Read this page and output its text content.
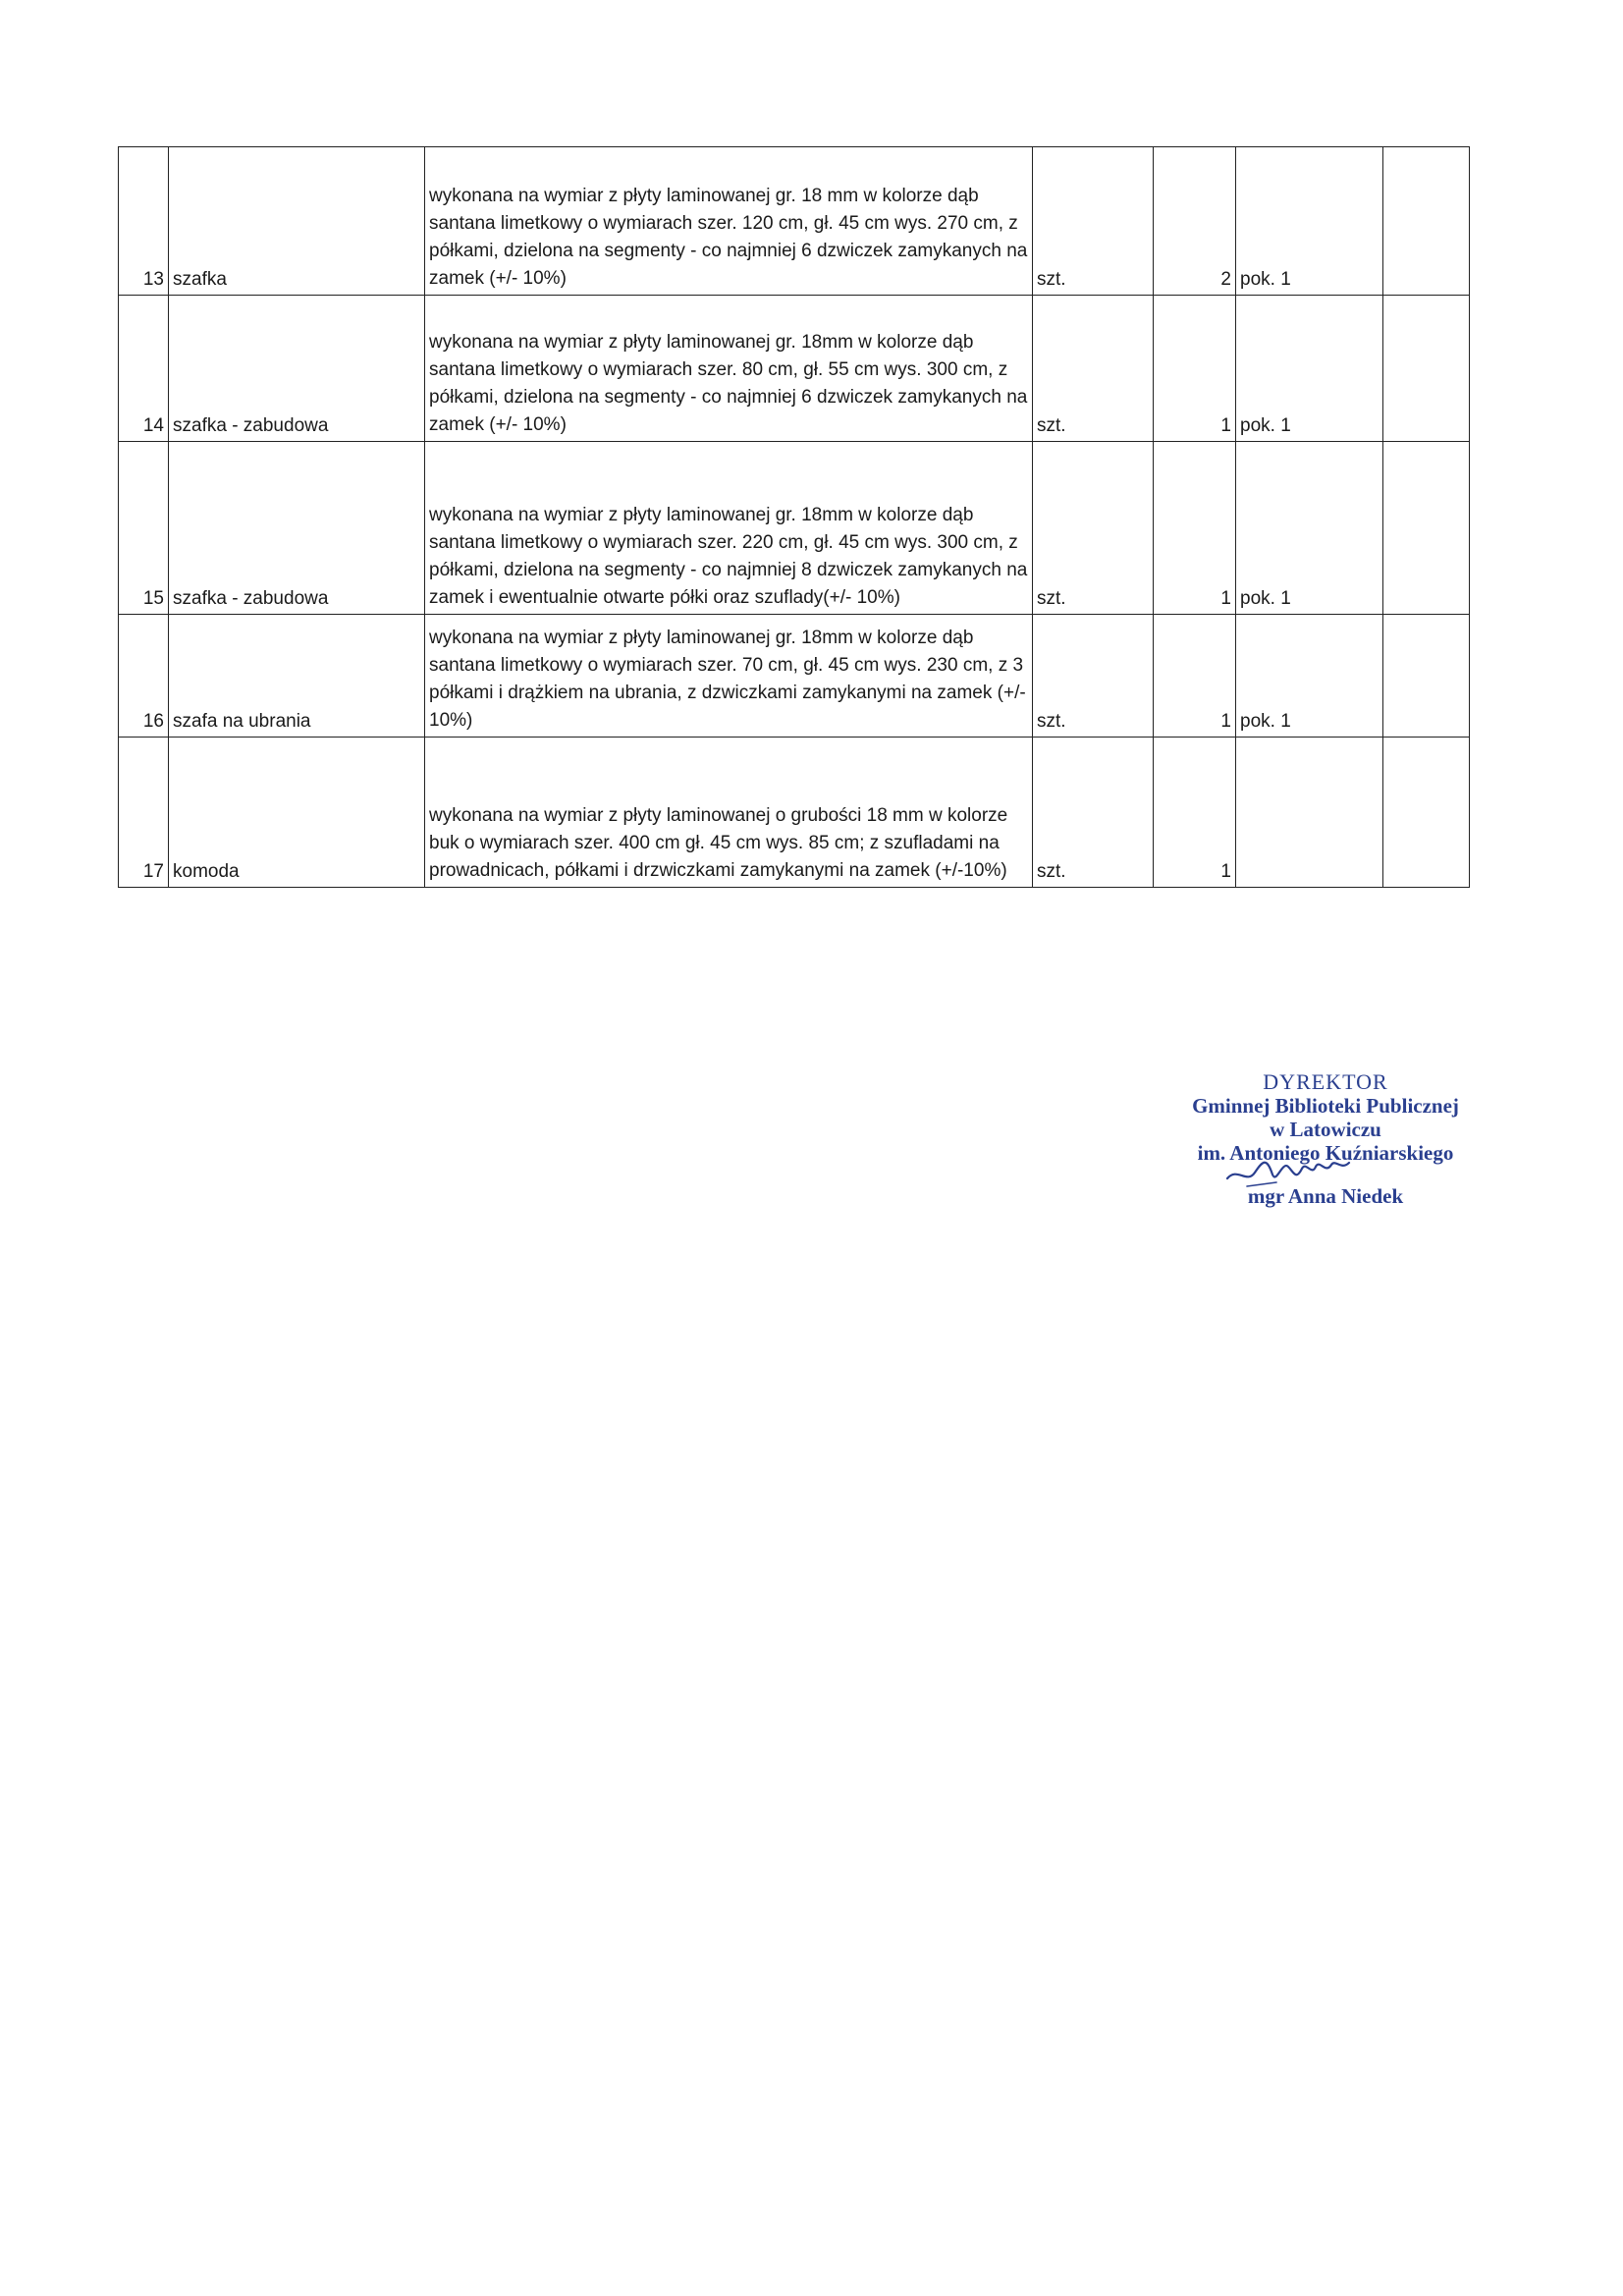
13	szafka	wykonana na wymiar z płyty laminowanej gr. 18 mm w kolorze dąb santana limetkowy o wymiarach szer. 120 cm, gł. 45 cm wys. 270 cm, z półkami, dzielona na segmenty - co najmniej 6 dzwiczek zamykanych na zamek (+/- 10%)	szt.	2	pok. 1	
14	szafka - zabudowa	wykonana na wymiar z płyty laminowanej gr. 18mm w kolorze dąb santana limetkowy o wymiarach szer. 80 cm, gł. 55 cm wys. 300 cm, z półkami, dzielona na segmenty - co najmniej 6 dzwiczek zamykanych na zamek (+/- 10%)	szt.	1	pok. 1	
15	szafka - zabudowa	wykonana na wymiar z płyty laminowanej gr. 18mm w kolorze dąb santana limetkowy o wymiarach szer. 220 cm, gł. 45 cm wys. 300 cm, z półkami, dzielona na segmenty - co najmniej 8 dzwiczek zamykanych na zamek i ewentualnie otwarte półki oraz szuflady(+/- 10%)	szt.	1	pok. 1	
16	szafa na ubrania	wykonana na wymiar z płyty laminowanej gr. 18mm w kolorze dąb santana limetkowy o wymiarach szer. 70 cm, gł. 45 cm wys. 230 cm, z 3 półkami i drążkiem na ubrania, z dzwiczkami zamykanymi na zamek (+/- 10%)	szt.	1	pok. 1	
17	komoda	wykonana na wymiar z płyty laminowanej o grubości 18 mm w kolorze buk o wymiarach szer. 400 cm gł. 45 cm wys. 85 cm; z szufladami na prowadnicach, półkami i drzwiczkami zamykanymi na zamek (+/-10%)	szt.	1		
DYREKTOR
Gminnej Biblioteki Publicznej
w Latowiczu
im. Antoniego Kuźniarskiego
mgr Anna Niedek
